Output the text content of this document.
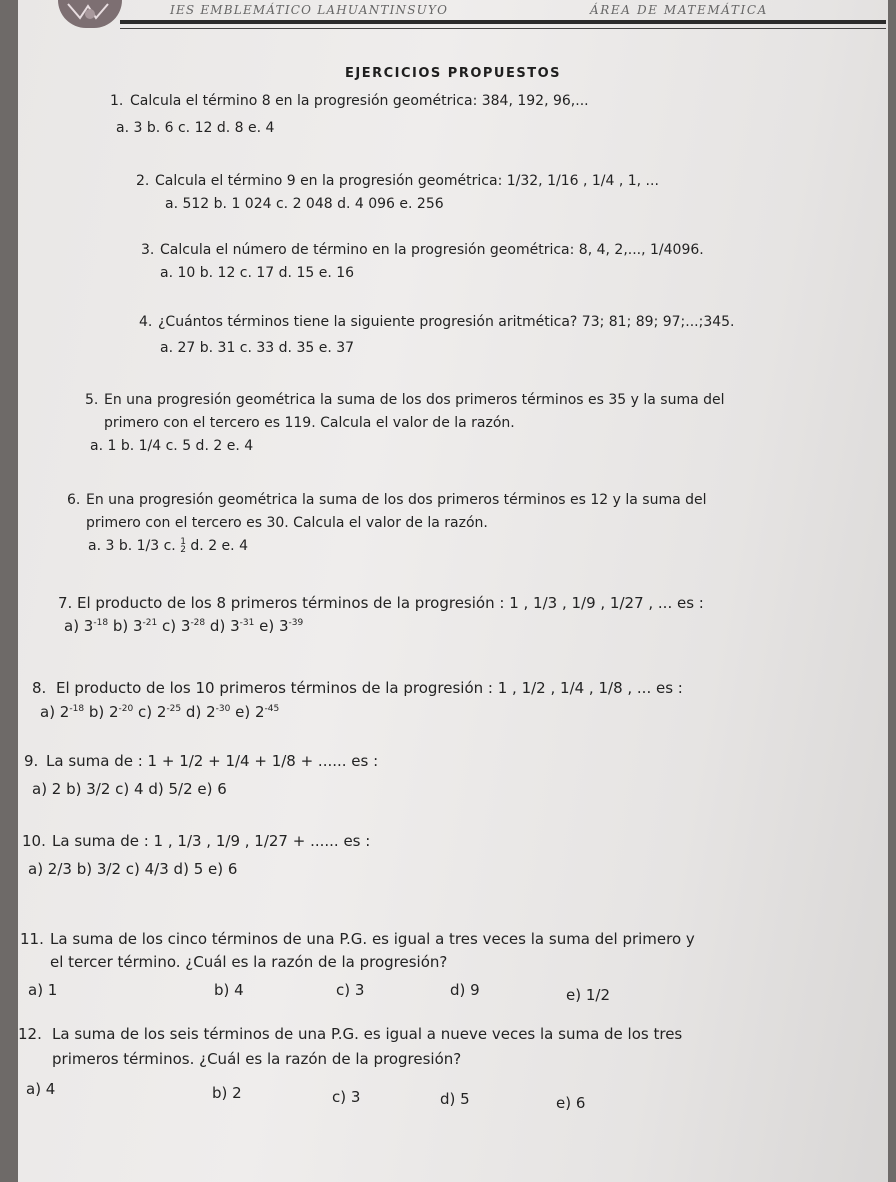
IES EMBLEMÁTICO LAHUANTINSUYO	ÁREA DE MATEMÁTICA
EJERCICIOS PROPUESTOS
1. Calcula el término 8 en la progresión geométrica: 384, 192, 96,...
a. 3 b. 6 c. 12 d. 8 e. 4
2. Calcula el término 9 en la progresión geométrica: 1/32, 1/16 , 1/4 , 1, ...
a. 512 b. 1 024 c. 2 048 d. 4 096 e. 256
3. Calcula el número de término en la progresión geométrica: 8, 4, 2,..., 1/4096.
a. 10 b. 12 c. 17 d. 15 e. 16
4. ¿Cuántos términos tiene la siguiente progresión aritmética? 73; 81; 89; 97;...;345.
a. 27 b. 31 c. 33 d. 35 e. 37
5. En una progresión geométrica la suma de los dos primeros términos es 35 y la suma del
primero con el tercero es 119. Calcula el valor de la razón.
a. 1 b. 1/4 c. 5 d. 2 e. 4
6. En una progresión geométrica la suma de los dos primeros términos es 12 y la suma del
primero con el tercero es 30. Calcula el valor de la razón.
a. 3 b. 1/3 c. 1
2 d. 2 e. 4
7. El producto de los 8 primeros términos de la progresión : 1 , 1/3 , 1/9 , 1/27 , ... es :
a) $3^{-18}$ b) $3^{-21}$ c) $3^{-28}$ d) $3^{-31}$ e) $3^{-39}$
8. El producto de los 10 primeros términos de la progresión : 1 , 1/2 , 1/4 , 1/8 , ... es :
a) $2^{-18}$ b) $2^{-20}$ c) $2^{-25}$ d) $2^{-30}$ e) $2^{-45}$
9. La suma de : 1 + 1/2 + 1/4 + 1/8 + ...... es :
a) 2 b) 3/2 c) 4 d) 5/2 e) 6
10. La suma de : 1 , 1/3 , 1/9 , 1/27 + ...... es :
a) 2/3 b) 3/2 c) 4/3 d) 5 e) 6
11. La suma de los cinco términos de una P.G. es igual a tres veces la suma del primero y
el tercer término. ¿Cuál es la razón de la progresión?
a) 1	b) 4	c) 3	d) 9	e) 1/2
12. La suma de los seis términos de una P.G. es igual a nueve veces la suma de los tres
primeros términos. ¿Cuál es la razón de la progresión?
a) 4	b) 2	c) 3	d) 5	e) 6
